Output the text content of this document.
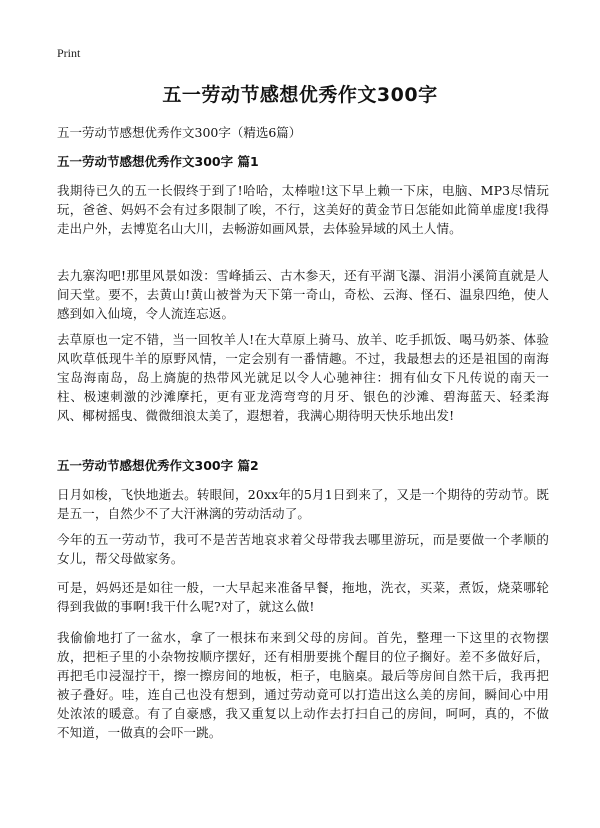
Print
五一劳动节感想优秀作文300字
五一劳动节感想优秀作文300字（精选6篇）
五一劳动节感想优秀作文300字 篇1
我期待已久的五一长假终于到了!哈哈，太棒啦!这下早上赖一下床，电脑、MP3尽情玩玩，爸爸、妈妈不会有过多限制了唉，不行，这美好的黄金节日怎能如此简单虚度!我得走出户外，去博览名山大川，去畅游如画风景，去体验异域的风土人情。
去九寨沟吧!那里风景如泼：雪峰插云、古木参天，还有平湖飞瀑、涓涓小溪简直就是人间天堂。要不，去黄山!黄山被誉为天下第一奇山，奇松、云海、怪石、温泉四绝，使人感到如入仙境，令人流连忘返。
去草原也一定不错，当一回牧羊人!在大草原上骑马、放羊、吃手抓饭、喝马奶茶、体验风吹草低现牛羊的原野风情，一定会别有一番情趣。不过，我最想去的还是祖国的南海宝岛海南岛，岛上旖旎的热带风光就足以令人心驰神往：拥有仙女下凡传说的南天一柱、极速刺激的沙滩摩托，更有亚龙湾弯弯的月牙、银色的沙滩、碧海蓝天、轻柔海风、椰树摇曳、微微细浪太美了，遐想着，我满心期待明天快乐地出发!
五一劳动节感想优秀作文300字 篇2
日月如梭，飞快地逝去。转眼间，20xx年的5月1日到来了，又是一个期待的劳动节。既是五一，自然少不了大汗淋漓的劳动活动了。
今年的五一劳动节，我可不是苦苦地哀求着父母带我去哪里游玩，而是要做一个孝顺的女儿，帮父母做家务。
可是，妈妈还是如往一般，一大早起来准备早餐，拖地，洗衣，买菜，煮饭，烧菜哪轮得到我做的事啊!我干什么呢?对了，就这么做!
我偷偷地打了一盆水，拿了一根抹布来到父母的房间。首先，整理一下这里的衣物摆放，把柜子里的小杂物按顺序摆好，还有相册要挑个醒目的位子搁好。差不多做好后，再把毛巾浸湿拧干，擦一擦房间的地板，柜子，电脑桌。最后等房间自然干后，我再把被子叠好。哇，连自己也没有想到，通过劳动竟可以打造出这么美的房间，瞬间心中用处浓浓的暖意。有了自豪感，我又重复以上动作去打扫自己的房间，呵呵，真的，不做不知道，一做真的会吓一跳。
